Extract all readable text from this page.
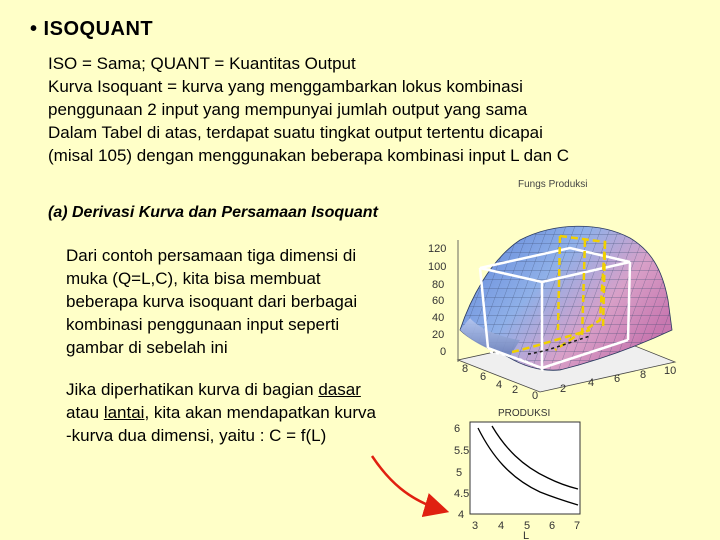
• ISOQUANT
ISO = Sama; QUANT = Kuantitas Output
Kurva Isoquant = kurva yang menggambarkan lokus kombinasi
penggunaan 2 input yang mempunyai jumlah output yang sama
Dalam Tabel di atas, terdapat suatu tingkat output tertentu dicapai
(misal 105) dengan menggunakan beberapa kombinasi input L dan C
Fungs Produksi
(a) Derivasi Kurva dan Persamaan Isoquant
Dari contoh persamaan tiga dimensi di
muka (Q=L,C), kita bisa membuat
beberapa kurva isoquant dari berbagai
kombinasi penggunaan input seperti
gambar di sebelah ini
Jika diperhatikan kurva di bagian dasar
atau lantai, kita akan mendapatkan kurva
-kurva dua dimensi, yaitu : C = f(L)
120
100
80
60
40
20
0
8
6
4 2 0
2 4 6 8 10
PRODUKSI
6
5.5
5
4.5
4
3 4 5 6 7
L
